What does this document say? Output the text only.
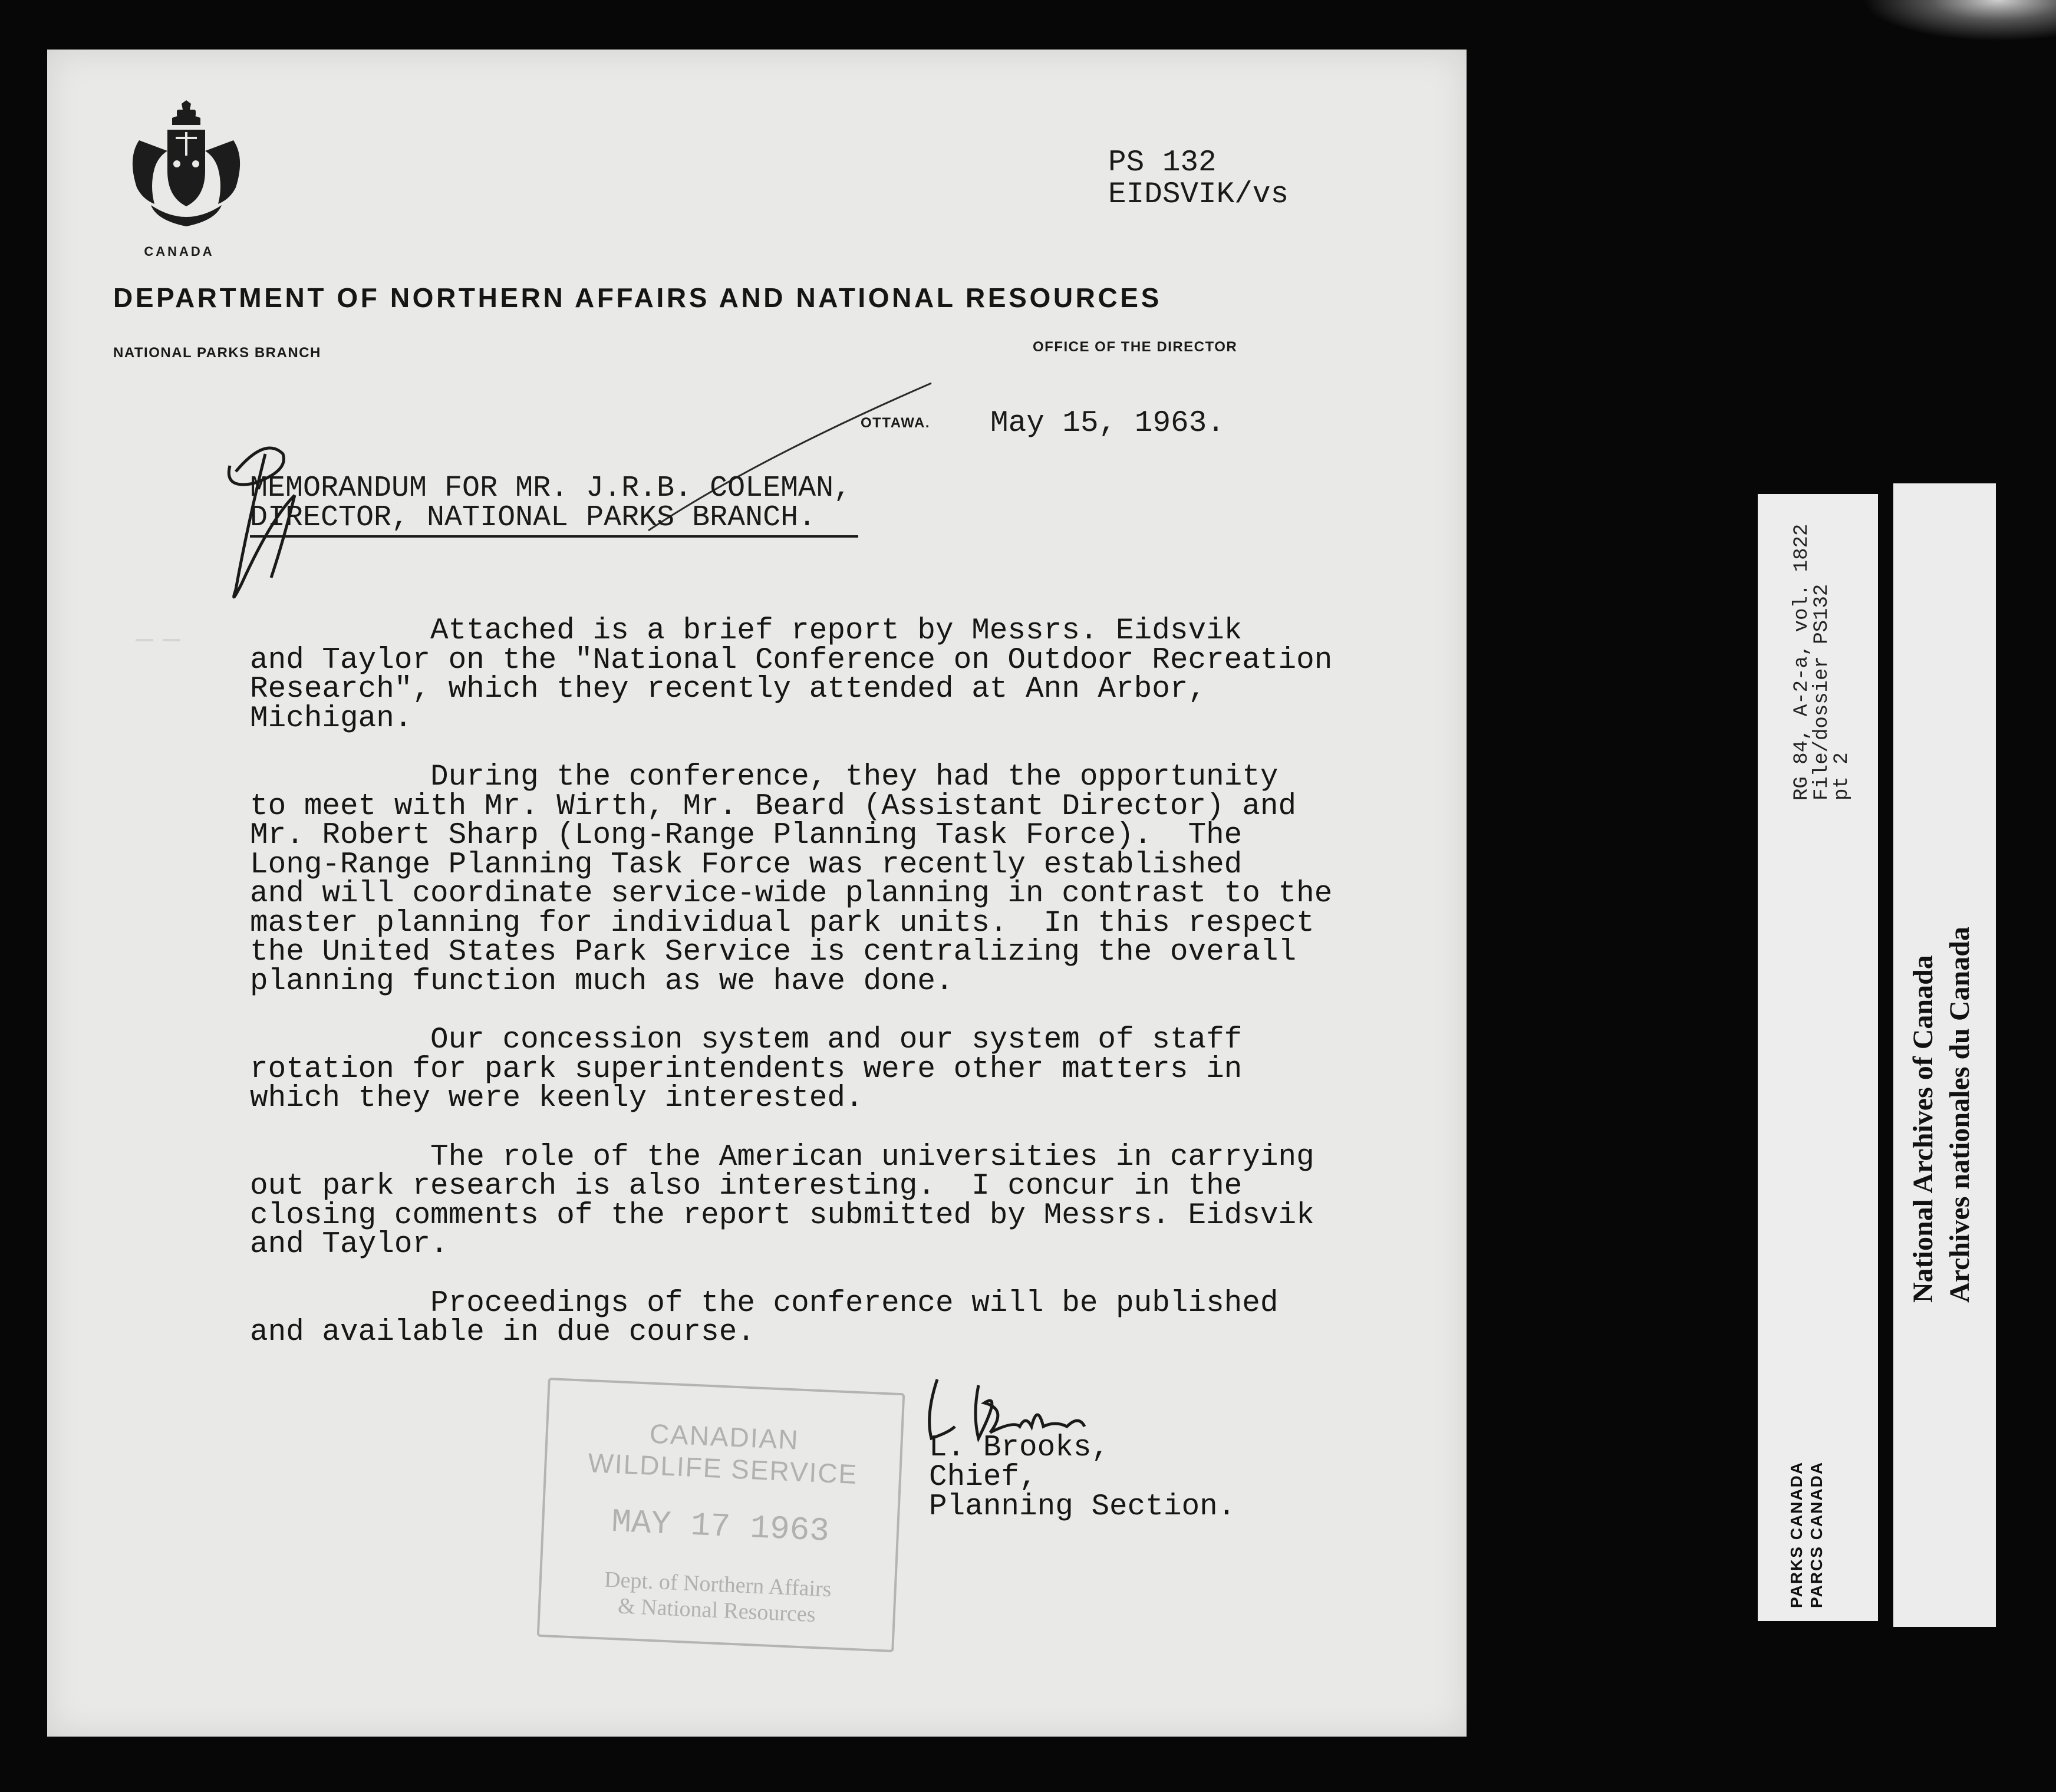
CANADA
PS 132
EIDSVIK/vs
DEPARTMENT OF NORTHERN AFFAIRS AND NATIONAL RESOURCES
NATIONAL PARKS BRANCH	OFFICE OF THE DIRECTOR
OTTAWA. May 15, 1963.
MEMORANDUM FOR MR. J.R.B. COLEMAN,
DIRECTOR, NATIONAL PARKS BRANCH.

Attached is a brief report by Messrs. Eidsvik
and Taylor on the "National Conference on Outdoor Recreation
Research", which they recently attended at Ann Arbor,
Michigan.

During the conference, they had the opportunity
to meet with Mr. Wirth, Mr. Beard (Assistant Director) and
Mr. Robert Sharp (Long-Range Planning Task Force).  The
Long-Range Planning Task Force was recently established
and will coordinate service-wide planning in contrast to the
master planning for individual park units.  In this respect
the United States Park Service is centralizing the overall
planning function much as we have done.

Our concession system and our system of staff
rotation for park superintendents were other matters in
which they were keenly interested.

The role of the American universities in carrying
out park research is also interesting.  I concur in the
closing comments of the report submitted by Messrs. Eidsvik
and Taylor.

Proceedings of the conference will be published
and available in due course.

CANADIAN
WILDLIFE SERVICE
MAY 17 1963
Dept. of Northern Affairs
& National Resources
L. Brooks,
Chief,
Planning Section.
RG 84, A-2-a, vol. 1822
File/dossier PS132
pt 2
PARKS CANADA PARCS CANADA
National Archives of Canada Archives nationales du Canada
